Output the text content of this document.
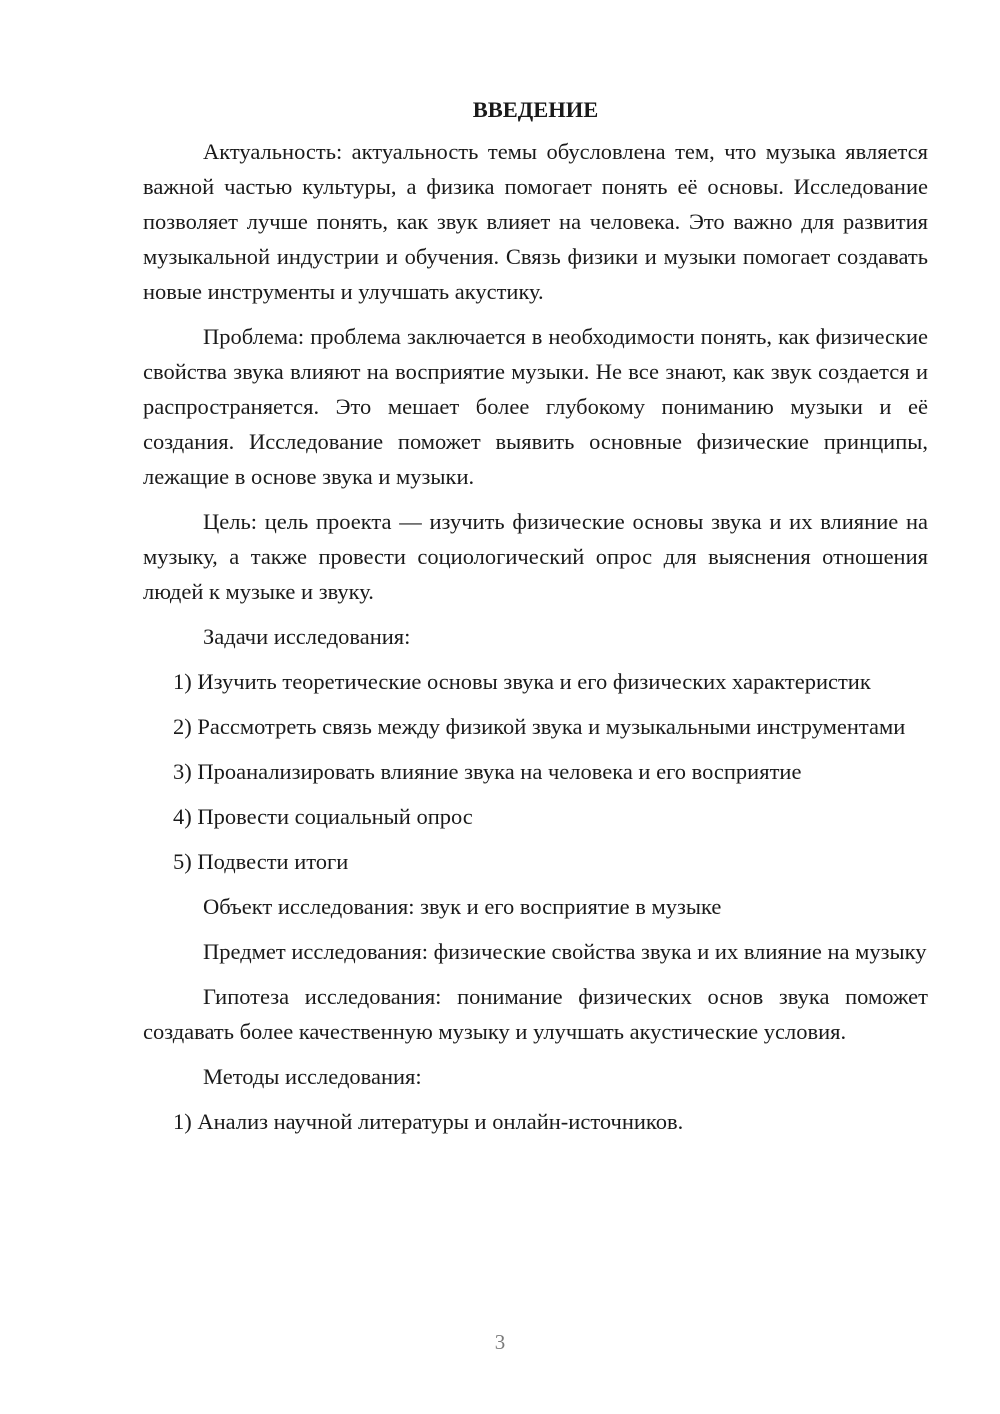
ВВЕДЕНИЕ

Актуальность: актуальность темы обусловлена тем, что музыка является важной частью культуры, а физика помогает понять её основы. Исследование позволяет лучше понять, как звук влияет на человека. Это важно для развития музыкальной индустрии и обучения. Связь физики и музыки помогает создавать новые инструменты и улучшать акустику.

Проблема: проблема заключается в необходимости понять, как физические свойства звука влияют на восприятие музыки. Не все знают, как звук создается и распространяется. Это мешает более глубокому пониманию музыки и её создания. Исследование поможет выявить основные физические принципы, лежащие в основе звука и музыки.

Цель: цель проекта — изучить физические основы звука и их влияние на музыку, а также провести социологический опрос для выяснения отношения людей к музыке и звуку.

Задачи исследования:

1) Изучить теоретические основы звука и его физических характеристик

2) Рассмотреть связь между физикой звука и музыкальными инструментами

3) Проанализировать влияние звука на человека и его восприятие

4) Провести социальный опрос

5) Подвести итоги

Объект исследования: звук и его восприятие в музыке

Предмет исследования: физические свойства звука и их влияние на музыку

Гипотеза исследования: понимание физических основ звука поможет создавать более качественную музыку и улучшать акустические условия.

Методы исследования:

1) Анализ научной литературы и онлайн-источников.

3
